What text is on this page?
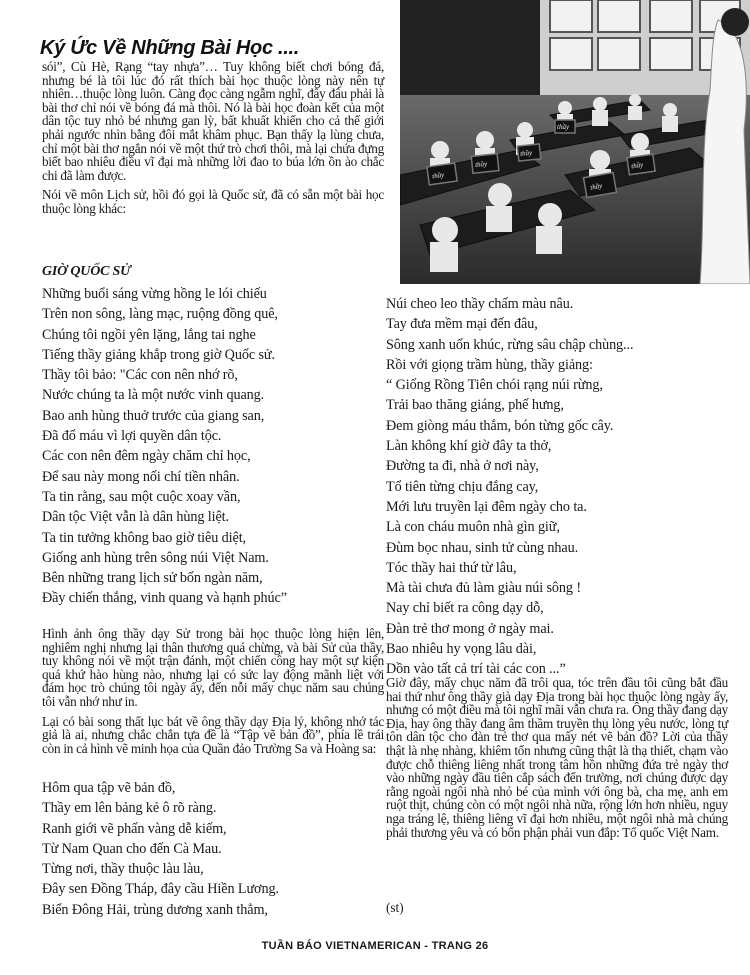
Ký Ức Về Những Bài Học ....
thầy
thầy
thầy
thầy
thầy
thầy

sói”, Cù Hè, Rạng “tay nhựa”… Tuy không biết chơi bóng đá, nhưng bé là tôi lúc đó rất thích bài học thuộc lòng này nên tự nhiên…thuộc lòng luôn. Càng đọc càng ngẫm nghĩ, đây đâu phải là bài thơ chỉ nói về bóng đá mà thôi. Nó là bài học đoàn kết của một dân tộc tuy nhỏ bé nhưng gan lỳ, bất khuất khiến cho cả thế giới phải ngước nhìn bằng đôi mắt khâm phục. Bạn thấy lạ lùng chưa, chỉ một bài thơ ngắn nói về một thứ trò chơi thôi, mà lại chứa đựng biết bao nhiêu điều vĩ đại mà những lời đao to búa lớn ồn ào chắc chi đã làm được.

Nói về môn Lịch sử, hồi đó gọi là Quốc sử, đã có sẵn một bài học thuộc lòng khác:

GIỜ QUỐC SỬ
Những buổi sáng vừng hồng le lói chiếu
Trên non sông, làng mạc, ruộng đồng quê,
Chúng tôi ngồi yên lặng, lắng tai nghe
Tiếng thầy giảng khắp trong giờ Quốc sử.
Thầy tôi bảo: "Các con nên nhớ rõ,
Nước chúng ta là một nước vinh quang.
Bao anh hùng thuở trước của giang san,
Đã đổ máu vì lợi quyền dân tộc.
Các con nên đêm ngày chăm chỉ học,
Để sau này mong nối chí tiền nhân.
Ta tin rằng, sau một cuộc xoay vần,
Dân tộc Việt vẫn là dân hùng liệt.
Ta tin tưởng không bao giờ tiêu diệt,
Giống anh hùng trên sông núi Việt Nam.
Bên những trang lịch sử bốn ngàn năm,
Đầy chiến thắng, vinh quang và hạnh phúc”

Hình ảnh ông thầy dạy Sử trong bài học thuộc lòng hiện lên, nghiêm nghị nhưng lại thân thương quá chừng, và bài Sử của thầy, tuy không nói về một trận đánh, một chiến công hay một sự kiện quá khứ hào hùng nào, nhưng lại có sức lay động mãnh liệt với đám học trò chúng tôi ngày ấy, đến nỗi mấy chục năm sau chúng tôi vẫn nhớ như in.

Lại có bài song thất lục bát về ông thầy dạy Địa lý, không nhớ tác giả là ai, nhưng chắc chắn tựa đề là “Tập vẽ bản đồ”, phía lề trái còn in cả hình vẽ minh họa của Quần đảo Trường Sa và Hoàng sa:

Hôm qua tập vẽ bản đồ,
Thầy em lên bảng kẻ ô rõ ràng.
Ranh giới vẽ phấn vàng dễ kiếm,
Từ Nam Quan cho đến Cà Mau.
Từng nơi, thầy thuộc làu làu,
Đây sen Đồng Tháp, đây cầu Hiền Lương.
Biển Đông Hải, trùng dương xanh thẳm,
Núi cheo leo thầy chấm màu nâu.
Tay đưa mềm mại đến đâu,
Sông xanh uốn khúc, rừng sâu chập chùng...
Rồi với giọng trầm hùng, thầy giảng:
“ Giống Rồng Tiên chói rạng núi rừng,
Trải bao thăng giáng, phế hưng,
Đem giòng máu thắm, bón từng gốc cây.
Làn không khí giờ đây ta thở,
Đường ta đi, nhà ở nơi này,
Tổ tiên từng chịu đắng cay,
Mới lưu truyền lại đêm ngày cho ta.
Là con cháu muôn nhà gìn giữ,
Đùm bọc nhau, sinh tử cùng nhau.
Tóc thầy hai thứ từ lâu,
Mà tài chưa đủ làm giàu núi sông !
Nay chỉ biết ra công dạy dỗ,
Đàn trẻ thơ mong ở ngày mai.
Bao nhiêu hy vọng lâu dài,
Dồn vào tất cả trí tài các con ...”

Giờ đây, mấy chục năm đã trôi qua, tóc trên đầu tôi cũng bắt đầu hai thứ như ông thầy già dạy Địa trong bài học thuộc lòng ngày ấy, nhưng có một điều mà tôi nghĩ mãi vẫn chưa ra. Ông thầy đang dạy Địa, hay ông thầy đang âm thầm truyền thụ lòng yêu nước, lòng tự tôn dân tộc cho đàn trẻ thơ qua mấy nét vẽ bản đồ? Lời của thầy thật là nhẹ nhàng, khiêm tốn nhưng cũng thật là thạ thiết, chạm vào được chỗ thiêng liêng nhất trong tâm hồn những đứa trẻ ngày thơ vào những ngày đầu tiên cắp sách đến trường, nơi chúng được dạy rằng ngoài ngôi nhà nhỏ bé của mình với ông bà, cha mẹ, anh em ruột thịt, chúng còn có một ngôi nhà nữa, rộng lớn hơn nhiều, nguy nga tráng lệ, thiêng liêng vĩ đại hơn nhiều, một ngôi nhà mà chúng phải thương yêu và có bổn phận phải vun đắp: Tổ quốc Việt Nam.

(st)
TUẦN BÁO VIETNAMERICAN - TRANG 26
